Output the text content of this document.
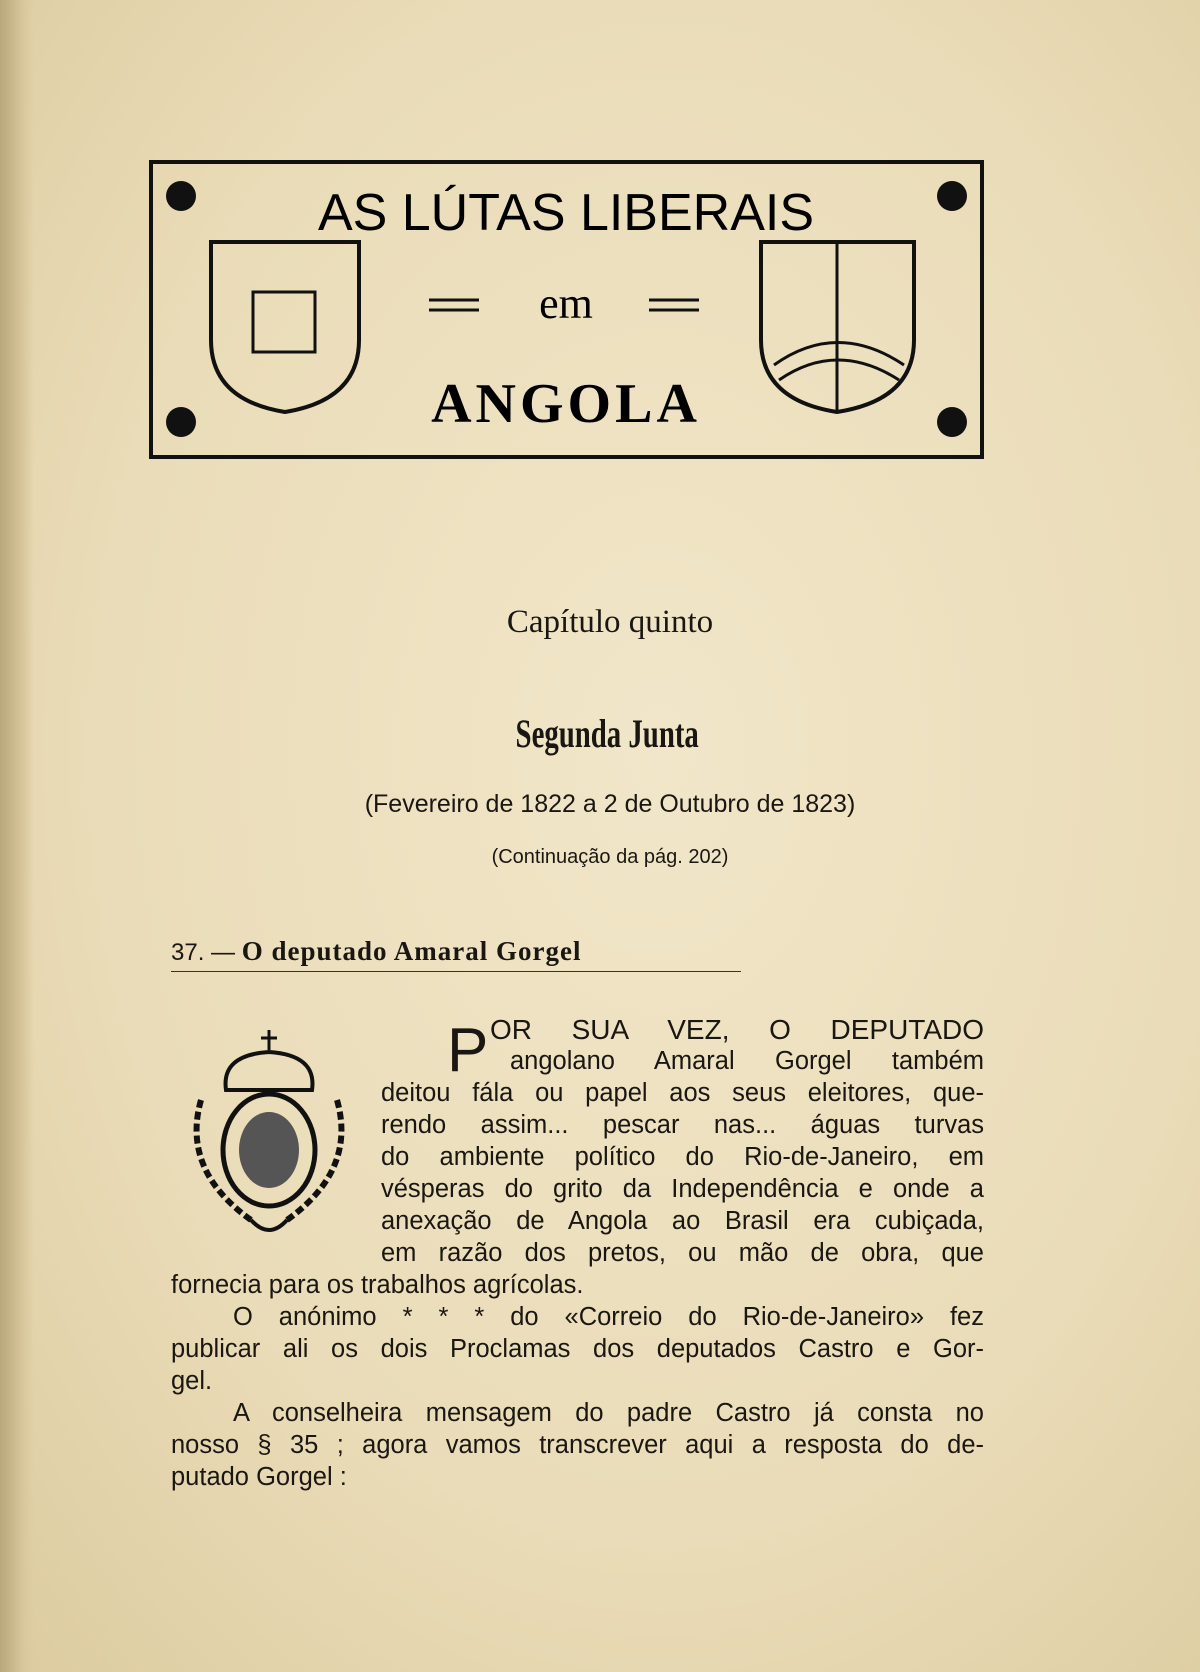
AS LÚTAS LIBERAIS
em
ANGOLA
Capítulo quinto
Segunda Junta
(Fevereiro de 1822 a 2 de Outubro de 1823)
(Continuação da pág. 202)
37. — O deputado Amaral Gorgel
P OR SUA VEZ, O DEPUTADO
angolano Amaral Gorgel também
deitou fála ou papel aos seus eleitores, que-
rendo assim... pescar nas... águas turvas
do ambiente político do Rio-de-Janeiro, em
vésperas do grito da Independência e onde a
anexação de Angola ao Brasil era cubiçada,
em razão dos pretos, ou mão de obra, que
fornecia para os trabalhos agrícolas.
O anónimo * * * do «Correio do Rio-de-Janeiro» fez
publicar ali os dois Proclamas dos deputados Castro e Gor-
gel.
A conselheira mensagem do padre Castro já consta no
nosso § 35 ; agora vamos transcrever aqui a resposta do de-
putado Gorgel :
